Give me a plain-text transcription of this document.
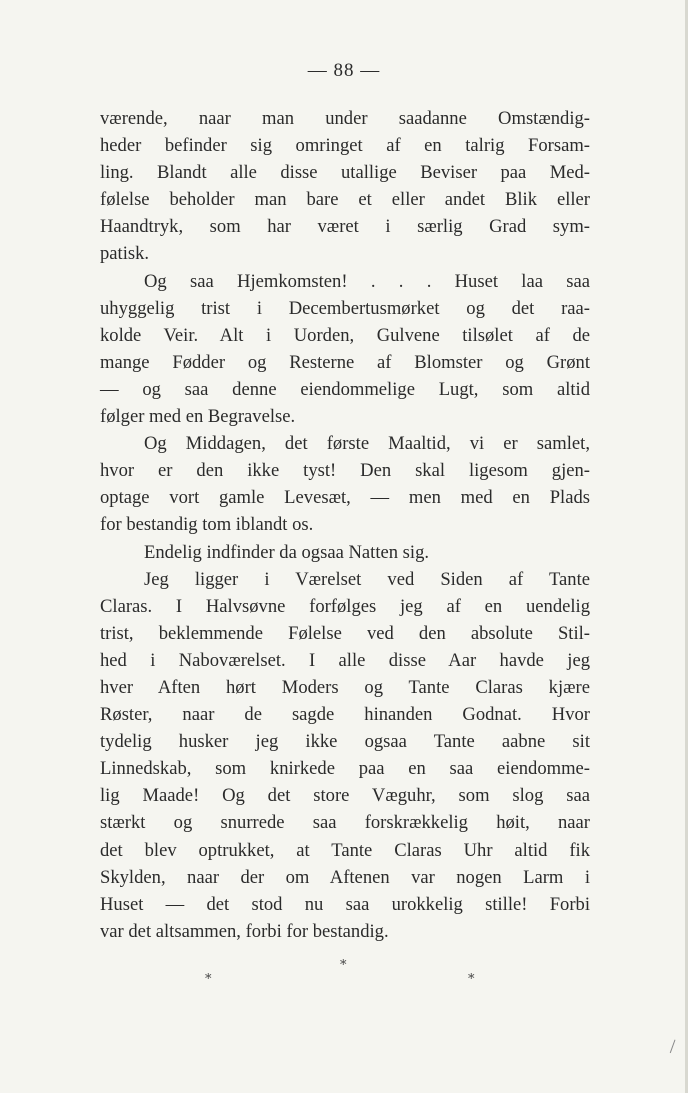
— 88 —
værende, naar man under saadanne Omstændig-
heder befinder sig omringet af en talrig Forsam-
ling. Blandt alle disse utallige Beviser paa Med-
følelse beholder man bare et eller andet Blik eller
Haandtryk, som har været i særlig Grad sym-
patisk.
Og saa Hjemkomsten! . . . Huset laa saa
uhyggelig trist i Decembertusmørket og det raa-
kolde Veir. Alt i Uorden, Gulvene tilsølet af de
mange Fødder og Resterne af Blomster og Grønt
— og saa denne eiendommelige Lugt, som altid
følger med en Begravelse.
Og Middagen, det første Maaltid, vi er samlet,
hvor er den ikke tyst! Den skal ligesom gjen-
optage vort gamle Levesæt, — men med en Plads
for bestandig tom iblandt os.
Endelig indfinder da ogsaa Natten sig.
Jeg ligger i Værelset ved Siden af Tante
Claras. I Halvsøvne forfølges jeg af en uendelig
trist, beklemmende Følelse ved den absolute Stil-
hed i Naboværelset. I alle disse Aar havde jeg
hver Aften hørt Moders og Tante Claras kjære
Røster, naar de sagde hinanden Godnat. Hvor
tydelig husker jeg ikke ogsaa Tante aabne sit
Linnedskab, som knirkede paa en saa eiendomme-
lig Maade! Og det store Væguhr, som slog saa
stærkt og snurrede saa forskrækkelig høit, naar
det blev optrukket, at Tante Claras Uhr altid fik
Skylden, naar der om Aftenen var nogen Larm i
Huset — det stod nu saa urokkelig stille! Forbi
var det altsammen, forbi for bestandig.
*
*	*
